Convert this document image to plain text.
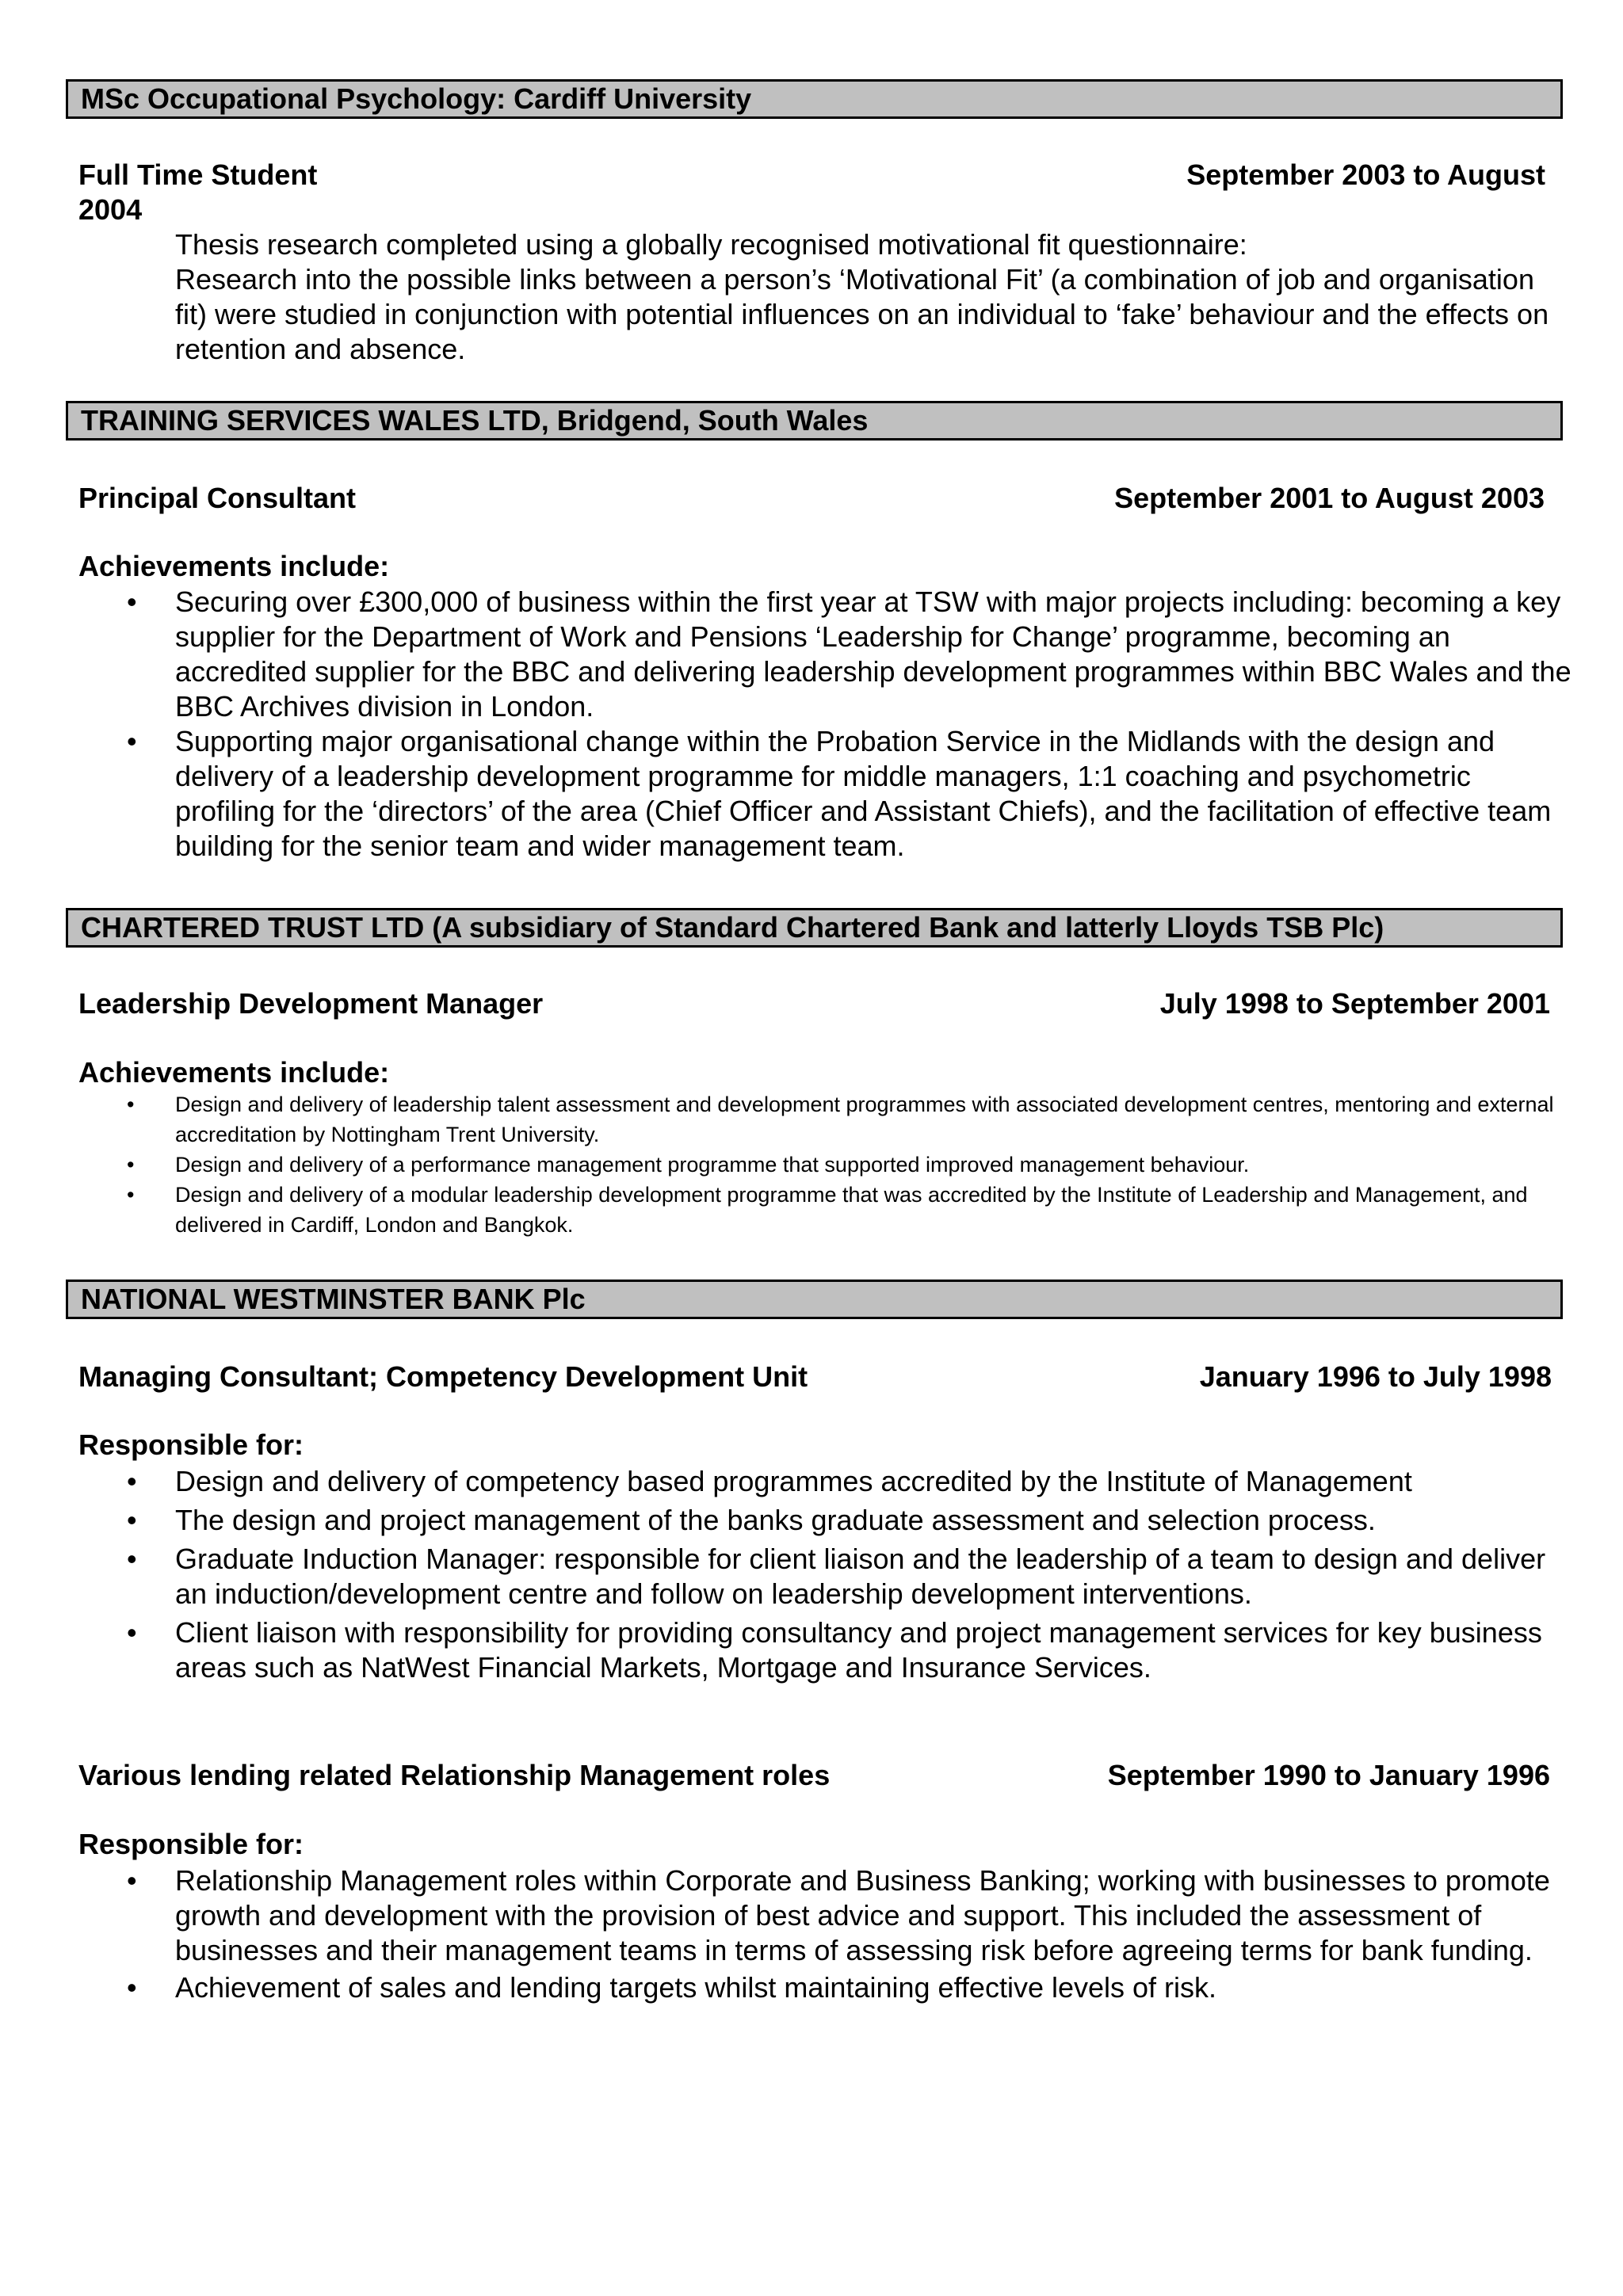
MSc Occupational Psychology: Cardiff University
Full Time Student	September 2003 to August
2004

Thesis research completed using a globally recognised motivational fit questionnaire:

Research into the possible links between a person’s ‘Motivational Fit’ (a combination of job and organisation fit) were studied in conjunction with potential influences on an individual to ‘fake’ behaviour and the effects on retention and absence.

TRAINING SERVICES WALES LTD, Bridgend, South Wales
Principal Consultant	September 2001 to August 2003
Achievements include:
• Securing over £300,000 of business within the first year at TSW with major projects including: becoming a key supplier for the Department of Work and Pensions ‘Leadership for Change’ programme, becoming an accredited supplier for the BBC and delivering leadership development programmes within BBC Wales and the BBC Archives division in London.
• Supporting major organisational change within the Probation Service in the Midlands with the design and delivery of a leadership development programme for middle managers, 1:1 coaching and psychometric profiling for the ‘directors’ of the area (Chief Officer and Assistant Chiefs), and the facilitation of effective team building for the senior team and wider management team.
CHARTERED TRUST LTD (A subsidiary of Standard Chartered Bank and latterly Lloyds TSB Plc)
Leadership Development Manager	July 1998 to September 2001
Achievements include:
• Design and delivery of leadership talent assessment and development programmes with associated development centres, mentoring and external accreditation by Nottingham Trent University.
• Design and delivery of a performance management programme that supported improved management behaviour.
• Design and delivery of a modular leadership development programme that was accredited by the Institute of Leadership and Management, and delivered in Cardiff, London and Bangkok.
NATIONAL WESTMINSTER BANK Plc
Managing Consultant; Competency Development Unit	January 1996 to July 1998
Responsible for:
• Design and delivery of competency based programmes accredited by the Institute of Management
• The design and project management of the banks graduate assessment and selection process.
• Graduate Induction Manager: responsible for client liaison and the leadership of a team to design and deliver an induction/development centre and follow on leadership development interventions.
• Client liaison with responsibility for providing consultancy and project management services for key business areas such as NatWest Financial Markets, Mortgage and Insurance Services.
Various lending related Relationship Management roles	September 1990 to January 1996
Responsible for:
• Relationship Management roles within Corporate and Business Banking; working with businesses to promote growth and development with the provision of best advice and support. This included the assessment of businesses and their management teams in terms of assessing risk before agreeing terms for bank funding.
• Achievement of sales and lending targets whilst maintaining effective levels of risk.
